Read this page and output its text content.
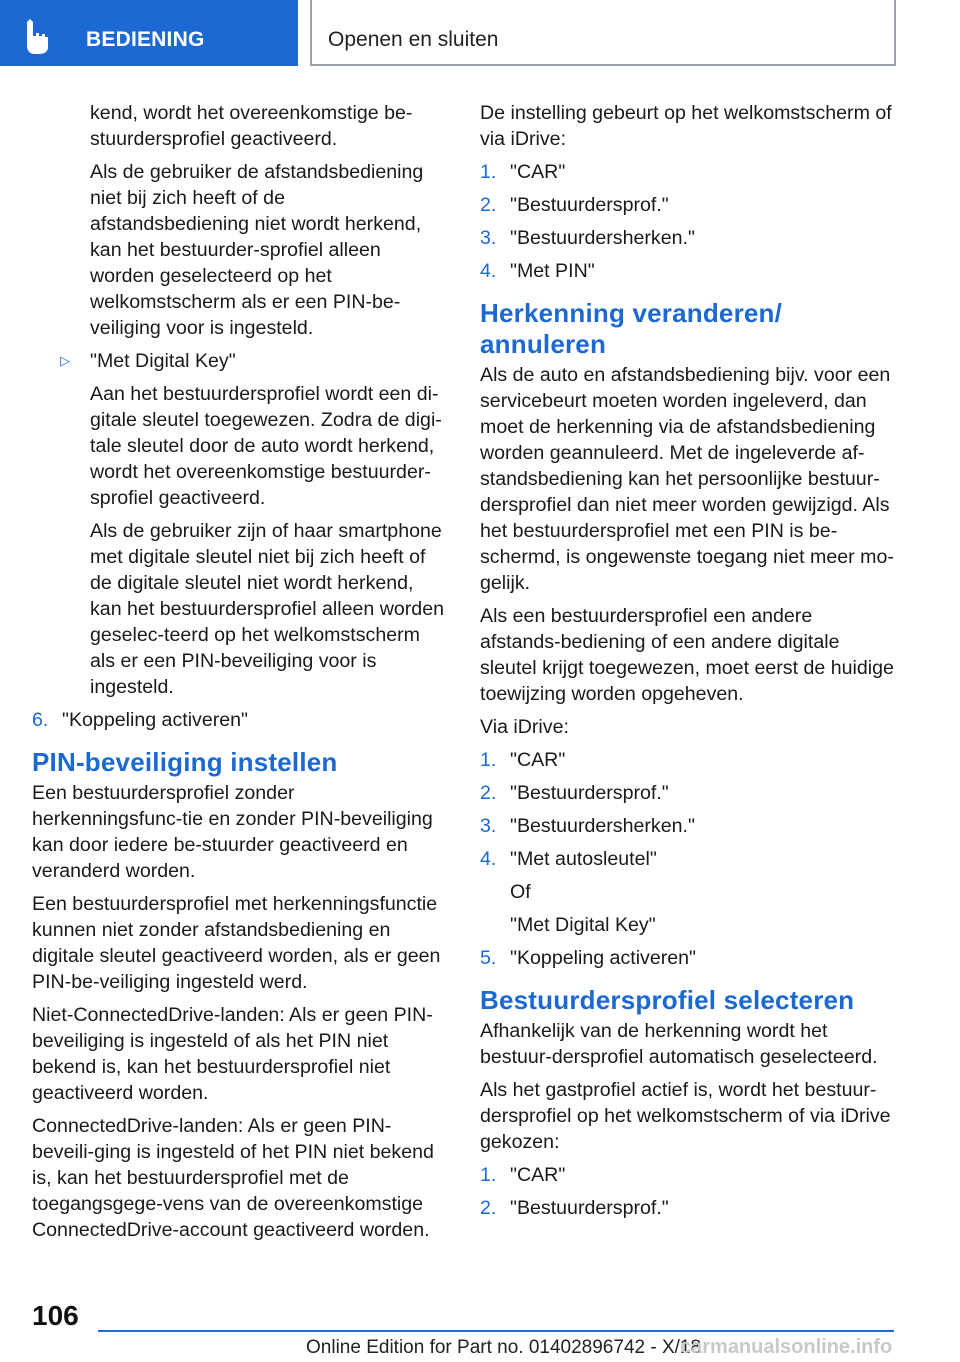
BEDIENING	Openen en sluiten

kend, wordt het overeenkomstige be-stuurdersprofiel geactiveerd.

Als de gebruiker de afstandsbediening niet bij zich heeft of de afstandsbediening niet wordt herkend, kan het bestuurder-sprofiel alleen worden geselecteerd op het welkomstscherm als er een PIN-be-veiliging voor is ingesteld.

▷	"Met Digital Key"

Aan het bestuurdersprofiel wordt een di-gitale sleutel toegewezen. Zodra de digi-tale sleutel door de auto wordt herkend, wordt het overeenkomstige bestuurder-sprofiel geactiveerd.

Als de gebruiker zijn of haar smartphone met digitale sleutel niet bij zich heeft of de digitale sleutel niet wordt herkend, kan het bestuurdersprofiel alleen worden geselec-teerd op het welkomstscherm als er een PIN-beveiliging voor is ingesteld.

6. "Koppeling activeren"
PIN-beveiliging instellen

Een bestuurdersprofiel zonder herkenningsfunc-tie en zonder PIN-beveiliging kan door iedere be-stuurder geactiveerd en veranderd worden.

Een bestuurdersprofiel met herkenningsfunctie kunnen niet zonder afstandsbediening en digitale sleutel geactiveerd worden, als er geen PIN-be-veiliging ingesteld werd.

Niet-ConnectedDrive-landen: Als er geen PIN-beveiliging is ingesteld of als het PIN niet bekend is, kan het bestuurdersprofiel niet geactiveerd worden.

ConnectedDrive-landen: Als er geen PIN-beveili-ging is ingesteld of het PIN niet bekend is, kan het bestuurdersprofiel met de toegangsgege-vens van de overeenkomstige ConnectedDrive-account geactiveerd worden.

De instelling gebeurt op het welkomstscherm of via iDrive:

1. "CAR"
2. "Bestuurdersprof."
3. "Bestuurdersherken."
4. "Met PIN"
Herkenning veranderen/ annuleren

Als de auto en afstandsbediening bijv. voor een servicebeurt moeten worden ingeleverd, dan moet de herkenning via de afstandsbediening worden geannuleerd. Met de ingeleverde af-standsbediening kan het persoonlijke bestuur-dersprofiel dan niet meer worden gewijzigd. Als het bestuurdersprofiel met een PIN is be-schermd, is ongewenste toegang niet meer mo-gelijk.

Als een bestuurdersprofiel een andere afstands-bediening of een andere digitale sleutel krijgt toegewezen, moet eerst de huidige toewijzing worden opgeheven.

Via iDrive:

1. "CAR"
2. "Bestuurdersprof."
3. "Bestuurdersherken."
4. "Met autosleutel"

Of

"Met Digital Key"

5. "Koppeling activeren"
Bestuurdersprofiel selecteren

Afhankelijk van de herkenning wordt het bestuur-dersprofiel automatisch geselecteerd.

Als het gastprofiel actief is, wordt het bestuur-dersprofiel op het welkomstscherm of via iDrive gekozen:

1. "CAR"
2. "Bestuurdersprof."
106
Online Edition for Part no. 01402896742 - X/18
carmanualsonline.info
